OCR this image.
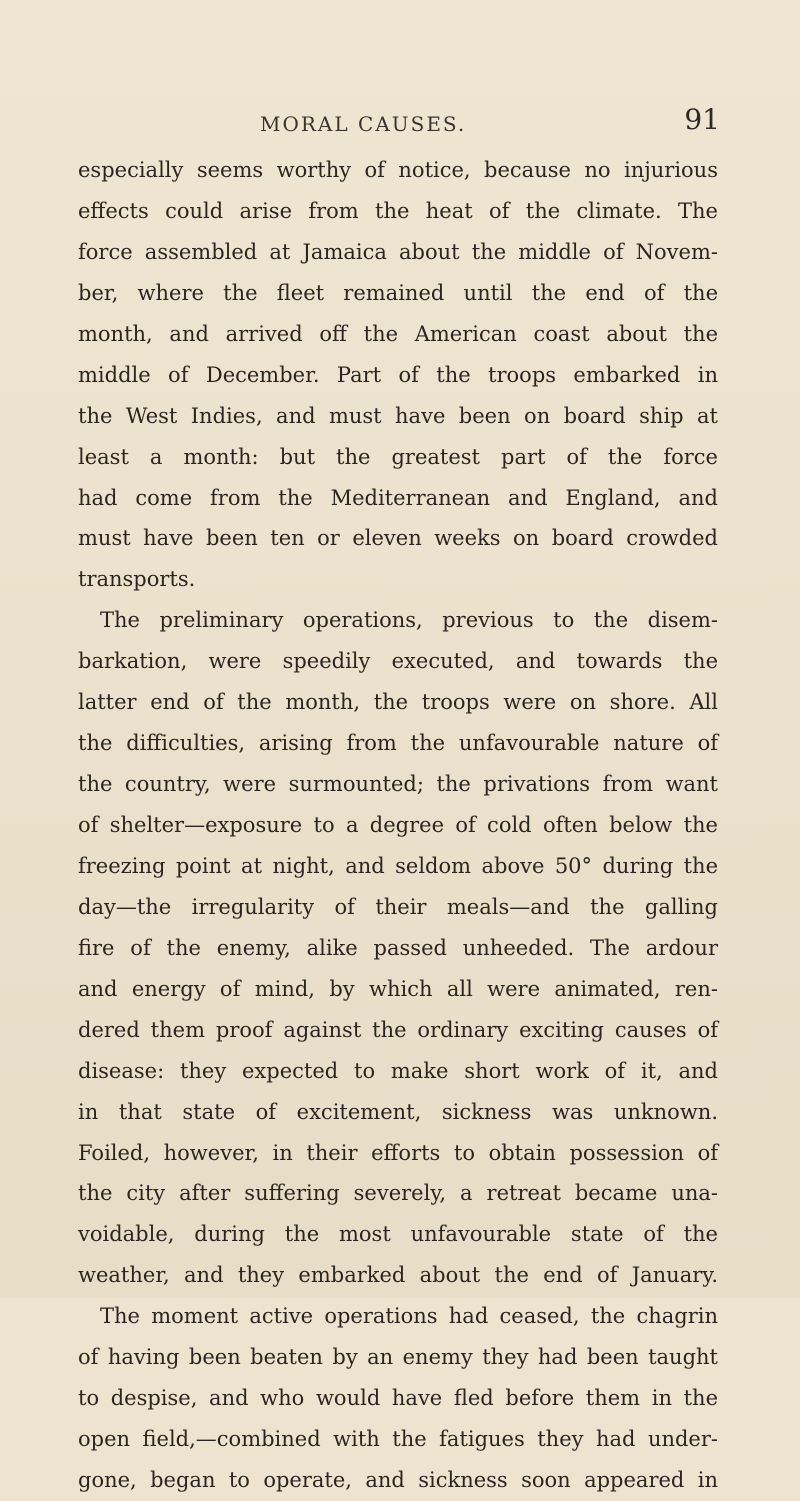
MORAL CAUSES.	91
especially seems worthy of notice, because no injurious
effects could arise from the heat of the climate. The
force assembled at Jamaica about the middle of Novem-
ber, where the fleet remained until the end of the
month, and arrived off the American coast about the
middle of December. Part of the troops embarked in
the West Indies, and must have been on board ship at
least a month: but the greatest part of the force
had come from the Mediterranean and England, and
must have been ten or eleven weeks on board crowded
transports.
The preliminary operations, previous to the disem-
barkation, were speedily executed, and towards the
latter end of the month, the troops were on shore. All
the difficulties, arising from the unfavourable nature of
the country, were surmounted; the privations from want
of shelter—exposure to a degree of cold often below the
freezing point at night, and seldom above 50° during the
day—the irregularity of their meals—and the galling
fire of the enemy, alike passed unheeded. The ardour
and energy of mind, by which all were animated, ren-
dered them proof against the ordinary exciting causes of
disease: they expected to make short work of it, and
in that state of excitement, sickness was unknown.
Foiled, however, in their efforts to obtain possession of
the city after suffering severely, a retreat became una-
voidable, during the most unfavourable state of the
weather, and they embarked about the end of January.
The moment active operations had ceased, the chagrin
of having been beaten by an enemy they had been taught
to despise, and who would have fled before them in the
open field,—combined with the fatigues they had under-
gone, began to operate, and sickness soon appeared in
